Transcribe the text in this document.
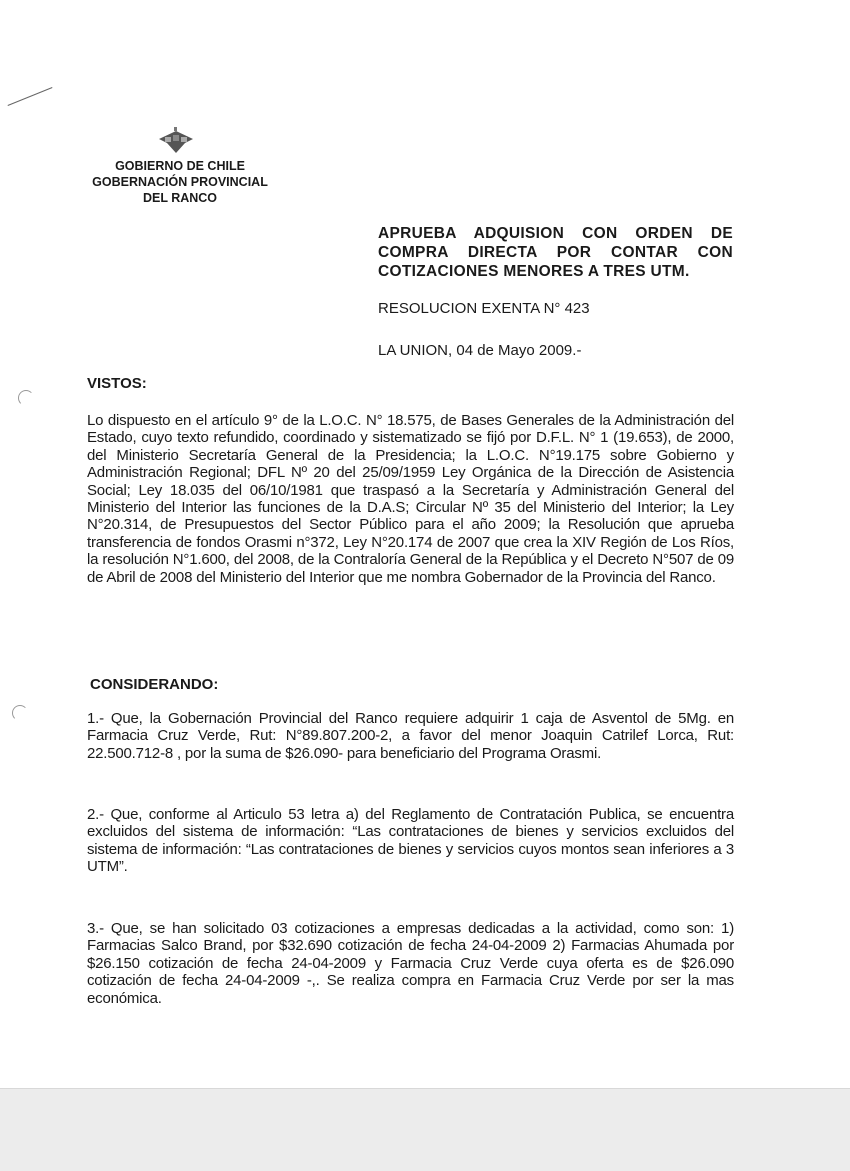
GOBIERNO DE CHILE
GOBERNACIÓN PROVINCIAL
DEL RANCO
APRUEBA ADQUISION CON ORDEN DE COMPRA DIRECTA POR CONTAR CON COTIZACIONES MENORES A TRES UTM.
RESOLUCION EXENTA N° 423
LA UNION, 04 de Mayo 2009.-
VISTOS:

Lo dispuesto en el artículo 9° de la L.O.C. N° 18.575, de Bases Generales de la Administración del Estado, cuyo texto refundido, coordinado y sistematizado se fijó por D.F.L. N° 1 (19.653), de 2000, del Ministerio Secretaría General de la Presidencia; la L.O.C. N°19.175 sobre Gobierno y Administración Regional; DFL Nº 20 del 25/09/1959 Ley Orgánica de la Dirección de Asistencia Social; Ley 18.035 del 06/10/1981 que traspasó a la Secretaría y Administración General del Ministerio del Interior las funciones de la D.A.S; Circular Nº 35 del Ministerio del Interior; la Ley N°20.314, de Presupuestos del Sector Público para el año 2009; la Resolución que aprueba transferencia de fondos Orasmi n°372, Ley N°20.174 de 2007 que crea la XIV Región de Los Ríos, la resolución N°1.600, del 2008, de la Contraloría General de la República y el Decreto N°507 de 09 de Abril de 2008 del Ministerio del Interior que me nombra Gobernador de la Provincia del Ranco.

CONSIDERANDO:

1.- Que, la Gobernación Provincial del Ranco requiere adquirir 1 caja de Asventol de 5Mg. en Farmacia Cruz Verde, Rut: N°89.807.200-2, a favor del menor Joaquin Catrilef Lorca, Rut: 22.500.712-8 , por la suma de $26.090- para beneficiario del Programa Orasmi.

2.- Que, conforme al Articulo 53 letra a) del Reglamento de Contratación Publica, se encuentra excluidos del sistema de información: “Las contrataciones de bienes y servicios excluidos del sistema de información: “Las contrataciones de bienes y servicios cuyos montos sean inferiores a 3 UTM”.

3.- Que, se han solicitado 03 cotizaciones a empresas dedicadas a la actividad, como son: 1) Farmacias Salco Brand, por $32.690 cotización de fecha 24-04-2009 2) Farmacias Ahumada por $26.150 cotización de fecha 24-04-2009 y Farmacia Cruz Verde cuya oferta es de $26.090 cotización de fecha 24-04-2009 -,. Se realiza compra en Farmacia Cruz Verde por ser la mas económica.
